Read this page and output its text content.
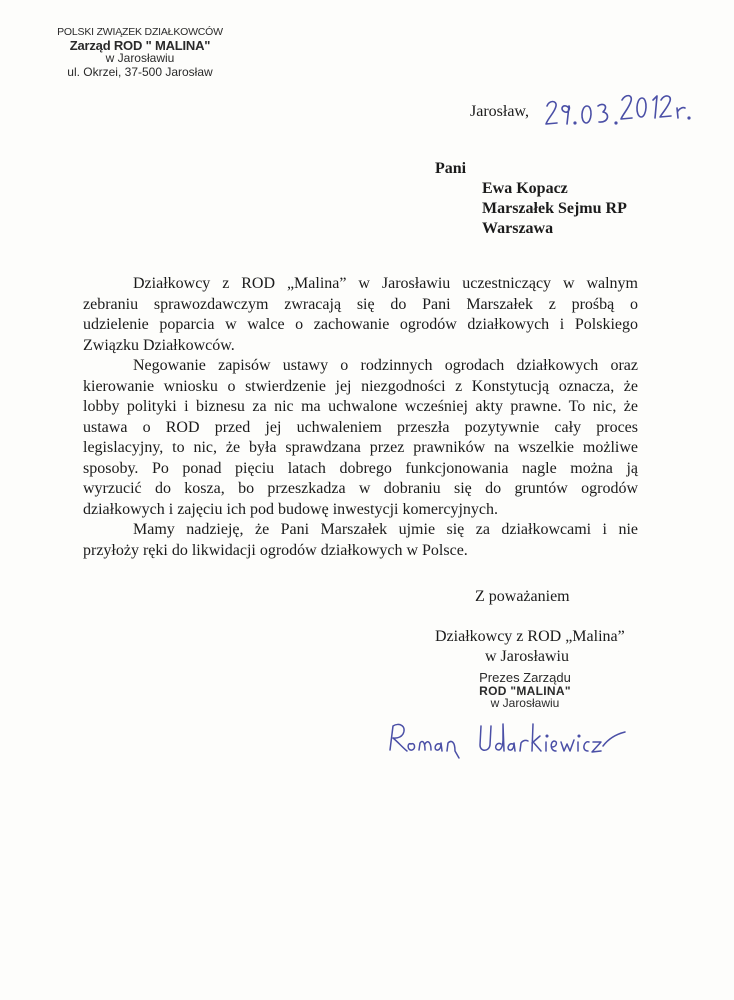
POLSKI ZWIĄZEK DZIAŁKOWCÓW
Zarząd ROD " MALINA"
w Jarosławiu
ul. Okrzei, 37-500 Jarosław
Jarosław,
Pani
Ewa Kopacz
Marszałek Sejmu RP
Warszawa
Działkowcy z ROD „Malina” w Jarosławiu uczestniczący w walnym
zebraniu sprawozdawczym zwracają się do Pani Marszałek z prośbą o
udzielenie poparcia w walce o zachowanie ogrodów działkowych i Polskiego
Związku Działkowców.
Negowanie zapisów ustawy o rodzinnych ogrodach działkowych oraz
kierowanie wniosku o stwierdzenie jej niezgodności z Konstytucją oznacza, że
lobby polityki i biznesu za nic ma uchwalone wcześniej akty prawne. To nic, że
ustawa o ROD przed jej uchwaleniem przeszła pozytywnie cały proces
legislacyjny, to nic, że była sprawdzana przez prawników na wszelkie możliwe
sposoby. Po ponad pięciu latach dobrego funkcjonowania nagle można ją
wyrzucić do kosza, bo przeszkadza w dobraniu się do gruntów ogrodów
działkowych i zajęciu ich pod budowę inwestycji komercyjnych.
Mamy nadzieję, że Pani Marszałek ujmie się za działkowcami i nie
przyłoży ręki do likwidacji ogrodów działkowych w Polsce.
Z poważaniem
Działkowcy z ROD „Malina”
w Jarosławiu
Prezes Zarządu
ROD "MALINA"
w Jarosławiu
